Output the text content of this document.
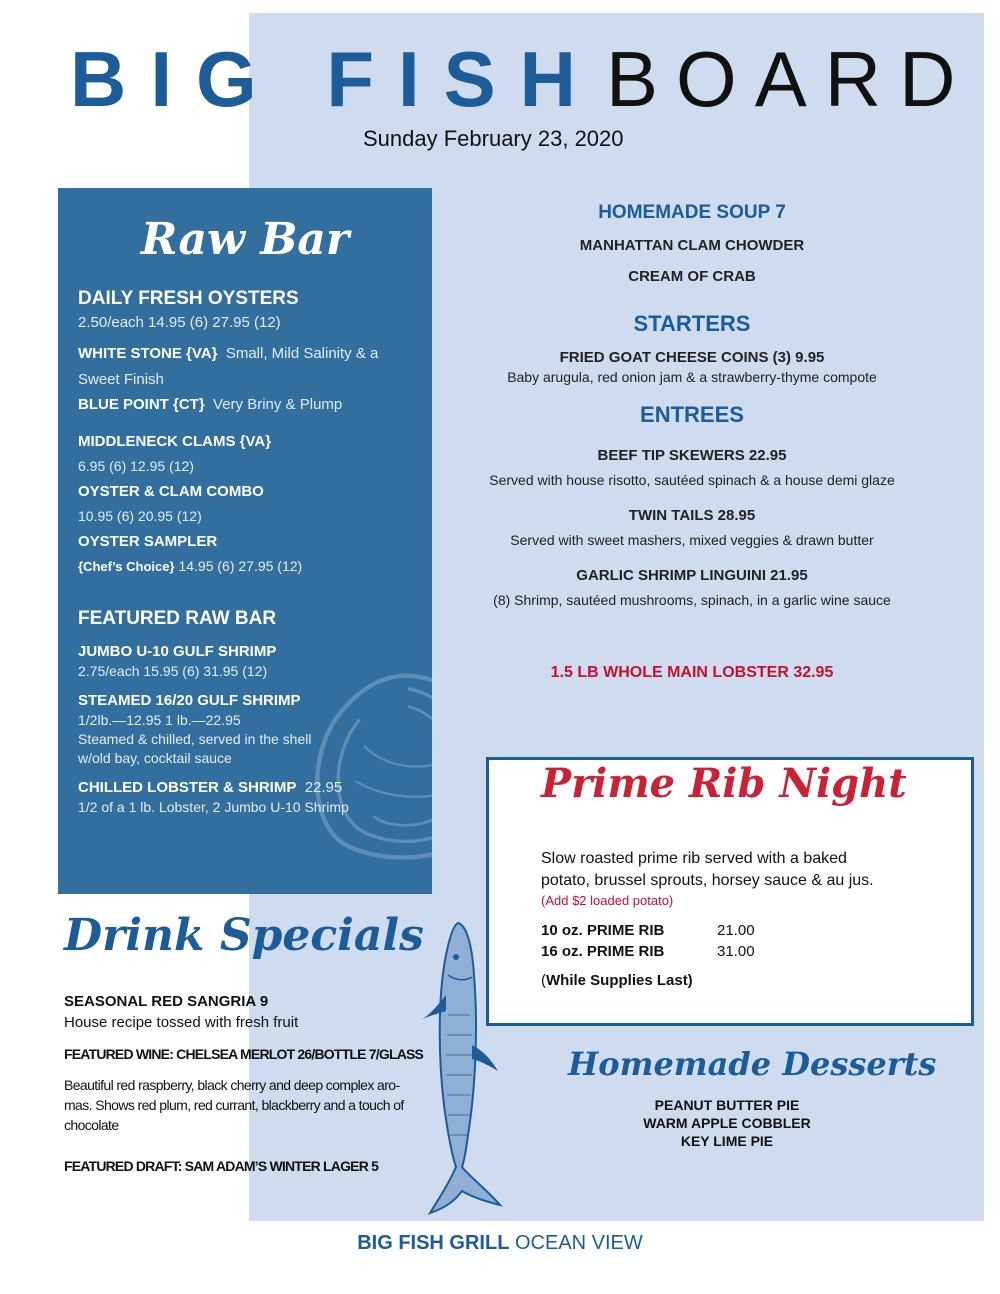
BIG FISHBOARD
Sunday February 23, 2020
Raw Bar
DAILY FRESH OYSTERS
2.50/each 14.95 (6) 27.95 (12)
WHITE STONE {VA} Small, Mild Salinity & a
Sweet Finish
BLUE POINT {CT} Very Briny & Plump
MIDDLENECK CLAMS {VA}
6.95 (6) 12.95 (12)
OYSTER & CLAM COMBO
10.95 (6) 20.95 (12)
OYSTER SAMPLER
{Chef’s Choice} 14.95 (6) 27.95 (12)
FEATURED RAW BAR
JUMBO U-10 GULF SHRIMP
2.75/each 15.95 (6) 31.95 (12)
STEAMED 16/20 GULF SHRIMP
1/2lb.—12.95 1 lb.—22.95
Steamed & chilled, served in the shell
w/old bay, cocktail sauce
CHILLED LOBSTER & SHRIMP 22.95
1/2 of a 1 lb. Lobster, 2 Jumbo U-10 Shrimp
HOMEMADE SOUP 7
MANHATTAN CLAM CHOWDER
CREAM OF CRAB
STARTERS
FRIED GOAT CHEESE COINS (3) 9.95
Baby arugula, red onion jam & a strawberry-thyme compote
ENTREES
BEEF TIP SKEWERS 22.95
Served with house risotto, sautéed spinach & a house demi glaze
TWIN TAILS 28.95
Served with sweet mashers, mixed veggies & drawn butter
GARLIC SHRIMP LINGUINI 21.95
(8) Shrimp, sautéed mushrooms, spinach, in a garlic wine sauce
1.5 LB WHOLE MAIN LOBSTER 32.95
Prime Rib Night
Slow roasted prime rib served with a baked
potato, brussel sprouts, horsey sauce & au jus.
(Add $2 loaded potato)
10 oz. PRIME RIB	21.00
16 oz. PRIME RIB	31.00
(While Supplies Last)
Drink Specials
SEASONAL RED SANGRIA 9
House recipe tossed with fresh fruit
FEATURED WINE: CHELSEA MERLOT 26/BOTTLE 7/GLASS
Beautiful red raspberry, black cherry and deep complex aro-
mas. Shows red plum, red currant, blackberry and a touch of
chocolate
FEATURED DRAFT: SAM ADAM’S WINTER LAGER 5
Homemade Desserts
PEANUT BUTTER PIE
WARM APPLE COBBLER
KEY LIME PIE
BIG FISH GRILL OCEAN VIEW
